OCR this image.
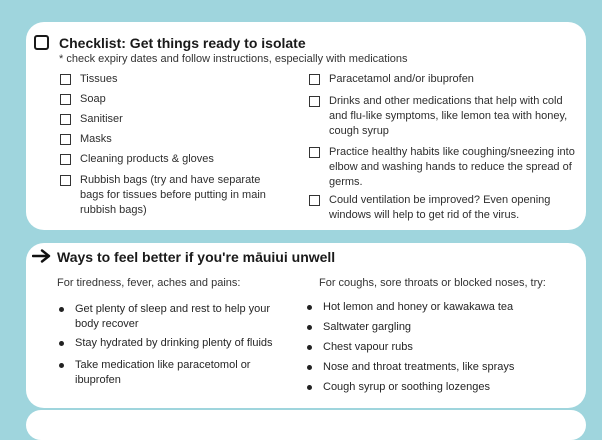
Checklist: Get things ready to isolate
* check expiry dates and follow instructions, especially with medications
Tissues
Soap
Sanitiser
Masks
Cleaning products & gloves
Rubbish bags (try and have separate bags for tissues before putting in main rubbish bags)
Paracetamol and/or ibuprofen
Drinks and other medications that help with cold and flu-like symptoms, like lemon tea with honey, cough syrup
Practice healthy habits like coughing/sneezing into elbow and washing hands to reduce the spread of germs.
Could ventilation be improved? Even opening windows will help to get rid of the virus.
Ways to feel better if you're māuiui unwell
For tiredness, fever, aches and pains:
Get plenty of sleep and rest to help your body recover
Stay hydrated by drinking plenty of fluids
Take medication like paracetomol or ibuprofen
For coughs, sore throats or blocked noses, try:
Hot lemon and honey or kawakawa tea
Saltwater gargling
Chest vapour rubs
Nose and throat treatments, like sprays
Cough syrup or soothing lozenges
